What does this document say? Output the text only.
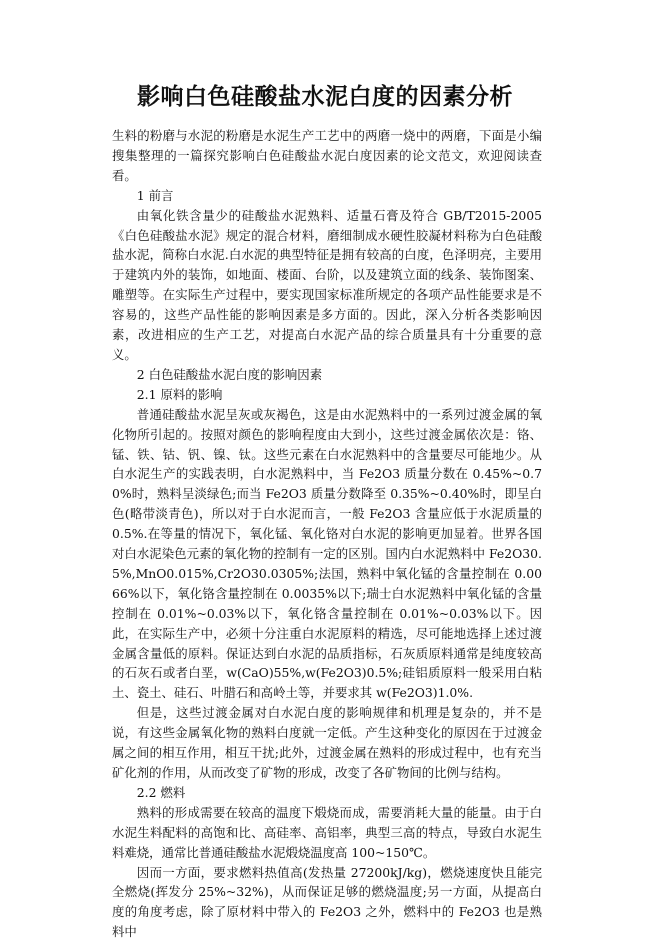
影响白色硅酸盐水泥白度的因素分析

生料的粉磨与水泥的粉磨是水泥生产工艺中的两磨一烧中的两磨，下面是小编搜集整理的一篇探究影响白色硅酸盐水泥白度因素的论文范文，欢迎阅读查看。

1 前言

由氧化铁含量少的硅酸盐水泥熟料、适量石膏及符合 GB/T2015-2005《白色硅酸盐水泥》规定的混合材料，磨细制成水硬性胶凝材料称为白色硅酸盐水泥，简称白水泥.白水泥的典型特征是拥有较高的白度，色泽明亮，主要用于建筑内外的装饰，如地面、楼面、台阶，以及建筑立面的线条、装饰图案、雕塑等。在实际生产过程中，要实现国家标准所规定的各项产品性能要求是不容易的，这些产品性能的影响因素是多方面的。因此，深入分析各类影响因素，改进相应的生产工艺，对提高白水泥产品的综合质量具有十分重要的意义。

2 白色硅酸盐水泥白度的影响因素

2.1 原料的影响

普通硅酸盐水泥呈灰或灰褐色，这是由水泥熟料中的一系列过渡金属的氧化物所引起的。按照对颜色的影响程度由大到小，这些过渡金属依次是：铬、锰、铁、钴、钒、镍、钛。这些元素在白水泥熟料中的含量要尽可能地少。从白水泥生产的实践表明，白水泥熟料中，当 Fe2O3 质量分数在 0.45%~0.70%时，熟料呈淡绿色;而当 Fe2O3 质量分数降至 0.35%~0.40%时，即呈白色(略带淡青色)，所以对于白水泥而言，一般 Fe2O3 含量应低于水泥质量的 0.5%.在等量的情况下，氧化锰、氧化铬对白水泥的影响更加显着。世界各国对白水泥染色元素的氧化物的控制有一定的区别。国内白水泥熟料中 Fe2O30.5%,MnO0.015%,Cr2O30.0305%;法国，熟料中氧化锰的含量控制在 0.0066%以下，氧化铬含量控制在 0.0035%以下;瑞士白水泥熟料中氧化锰的含量控制在 0.01%~0.03%以下，氧化铬含量控制在 0.01%~0.03%以下。因此，在实际生产中，必须十分注重白水泥原料的精选，尽可能地选择上述过渡金属含量低的原料。保证达到白水泥的品质指标，石灰质原料通常是纯度较高的石灰石或者白垩，w(CaO)55%,w(Fe2O3)0.5%;硅铝质原料一般采用白粘土、瓷土、硅石、叶腊石和高岭土等，并要求其 w(Fe2O3)1.0%.

但是，这些过渡金属对白水泥白度的影响规律和机理是复杂的，并不是说，有这些金属氧化物的熟料白度就一定低。产生这种变化的原因在于过渡金属之间的相互作用，相互干扰;此外，过渡金属在熟料的形成过程中，也有充当矿化剂的作用，从而改变了矿物的形成，改变了各矿物间的比例与结构。

2.2 燃料

熟料的形成需要在较高的温度下煅烧而成，需要消耗大量的能量。由于白水泥生料配料的高饱和比、高硅率、高铝率，典型三高的特点，导致白水泥生料难烧，通常比普通硅酸盐水泥煅烧温度高 100~150℃。

因而一方面，要求燃料热值高(发热量 27200kJ/kg)，燃烧速度快且能完全燃烧(挥发分 25%~32%)，从而保证足够的燃烧温度;另一方面，从提高白度的角度考虑，除了原材料中带入的 Fe2O3 之外，燃料中的 Fe2O3 也是熟料中
